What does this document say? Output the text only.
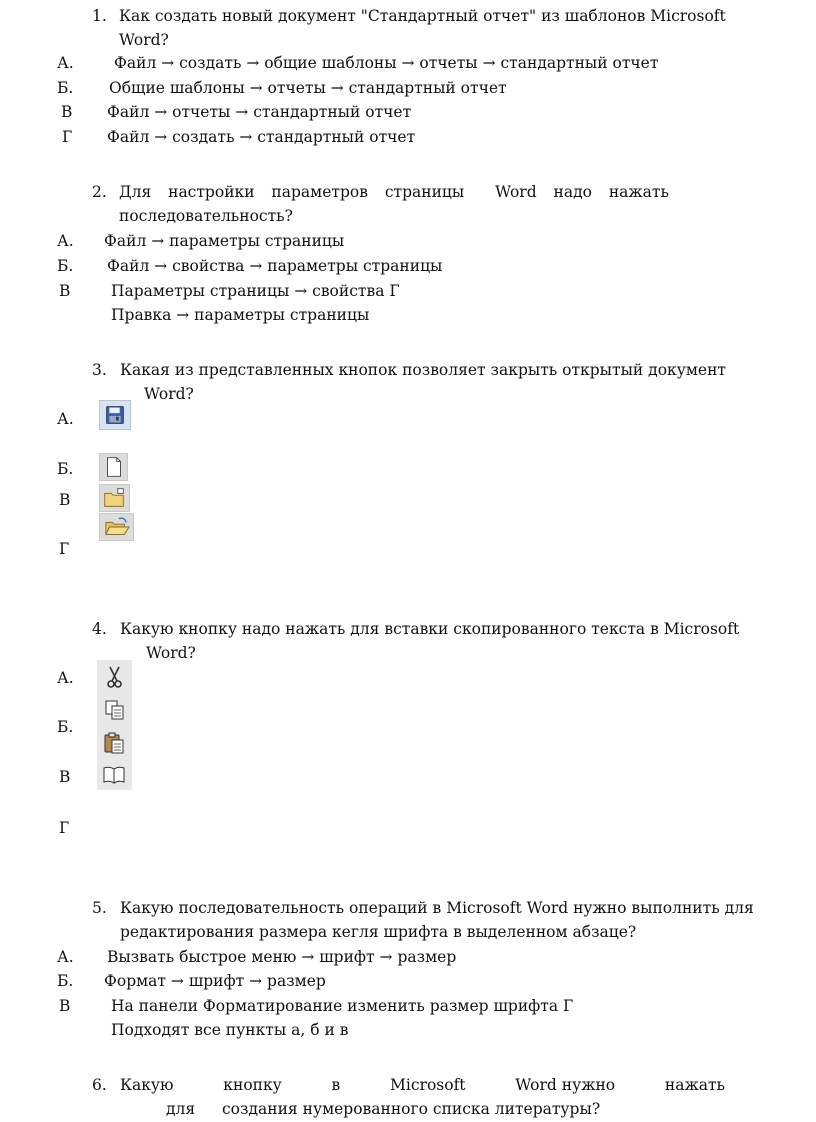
1. Как создать новый документ "Стандартный отчет" из шаблонов Microsoft
Word?
А.	Файл → создать → общие шаблоны → отчеты → стандартный отчет
Б. Общие шаблоны → отчеты → стандартный отчет
В Файл → отчеты → стандартный отчет
Г Файл → создать → стандартный отчет
2. Для настройки параметров страницы Word надо нажать
последовательность?
А. Файл → параметры страницы
Б. Файл → свойства → параметры страницы
В	Параметры страницы → свойства Г
Правка → параметры страницы
3. Какая из представленных кнопок позволяет закрыть открытый документ
Word?
А.
Б.
В
Г
4. Какую кнопку надо нажать для вставки скопированного текста в Microsoft
Word?
А.
Б.
В
Г
5. Какую последовательность операций в Microsoft Word нужно выполнить для
редактирования размера кегля шрифта в выделенном абзаце?
А. Вызвать быстрое меню → шрифт → размер
Б. Формат → шрифт → размер
В	На панели Форматирование изменить размер шрифта Г
Подходят все пункты а, б и в
6. Какую	кнопку	в	Microsoft	Word нужно	нажать
для создания нумерованного списка литературы?
